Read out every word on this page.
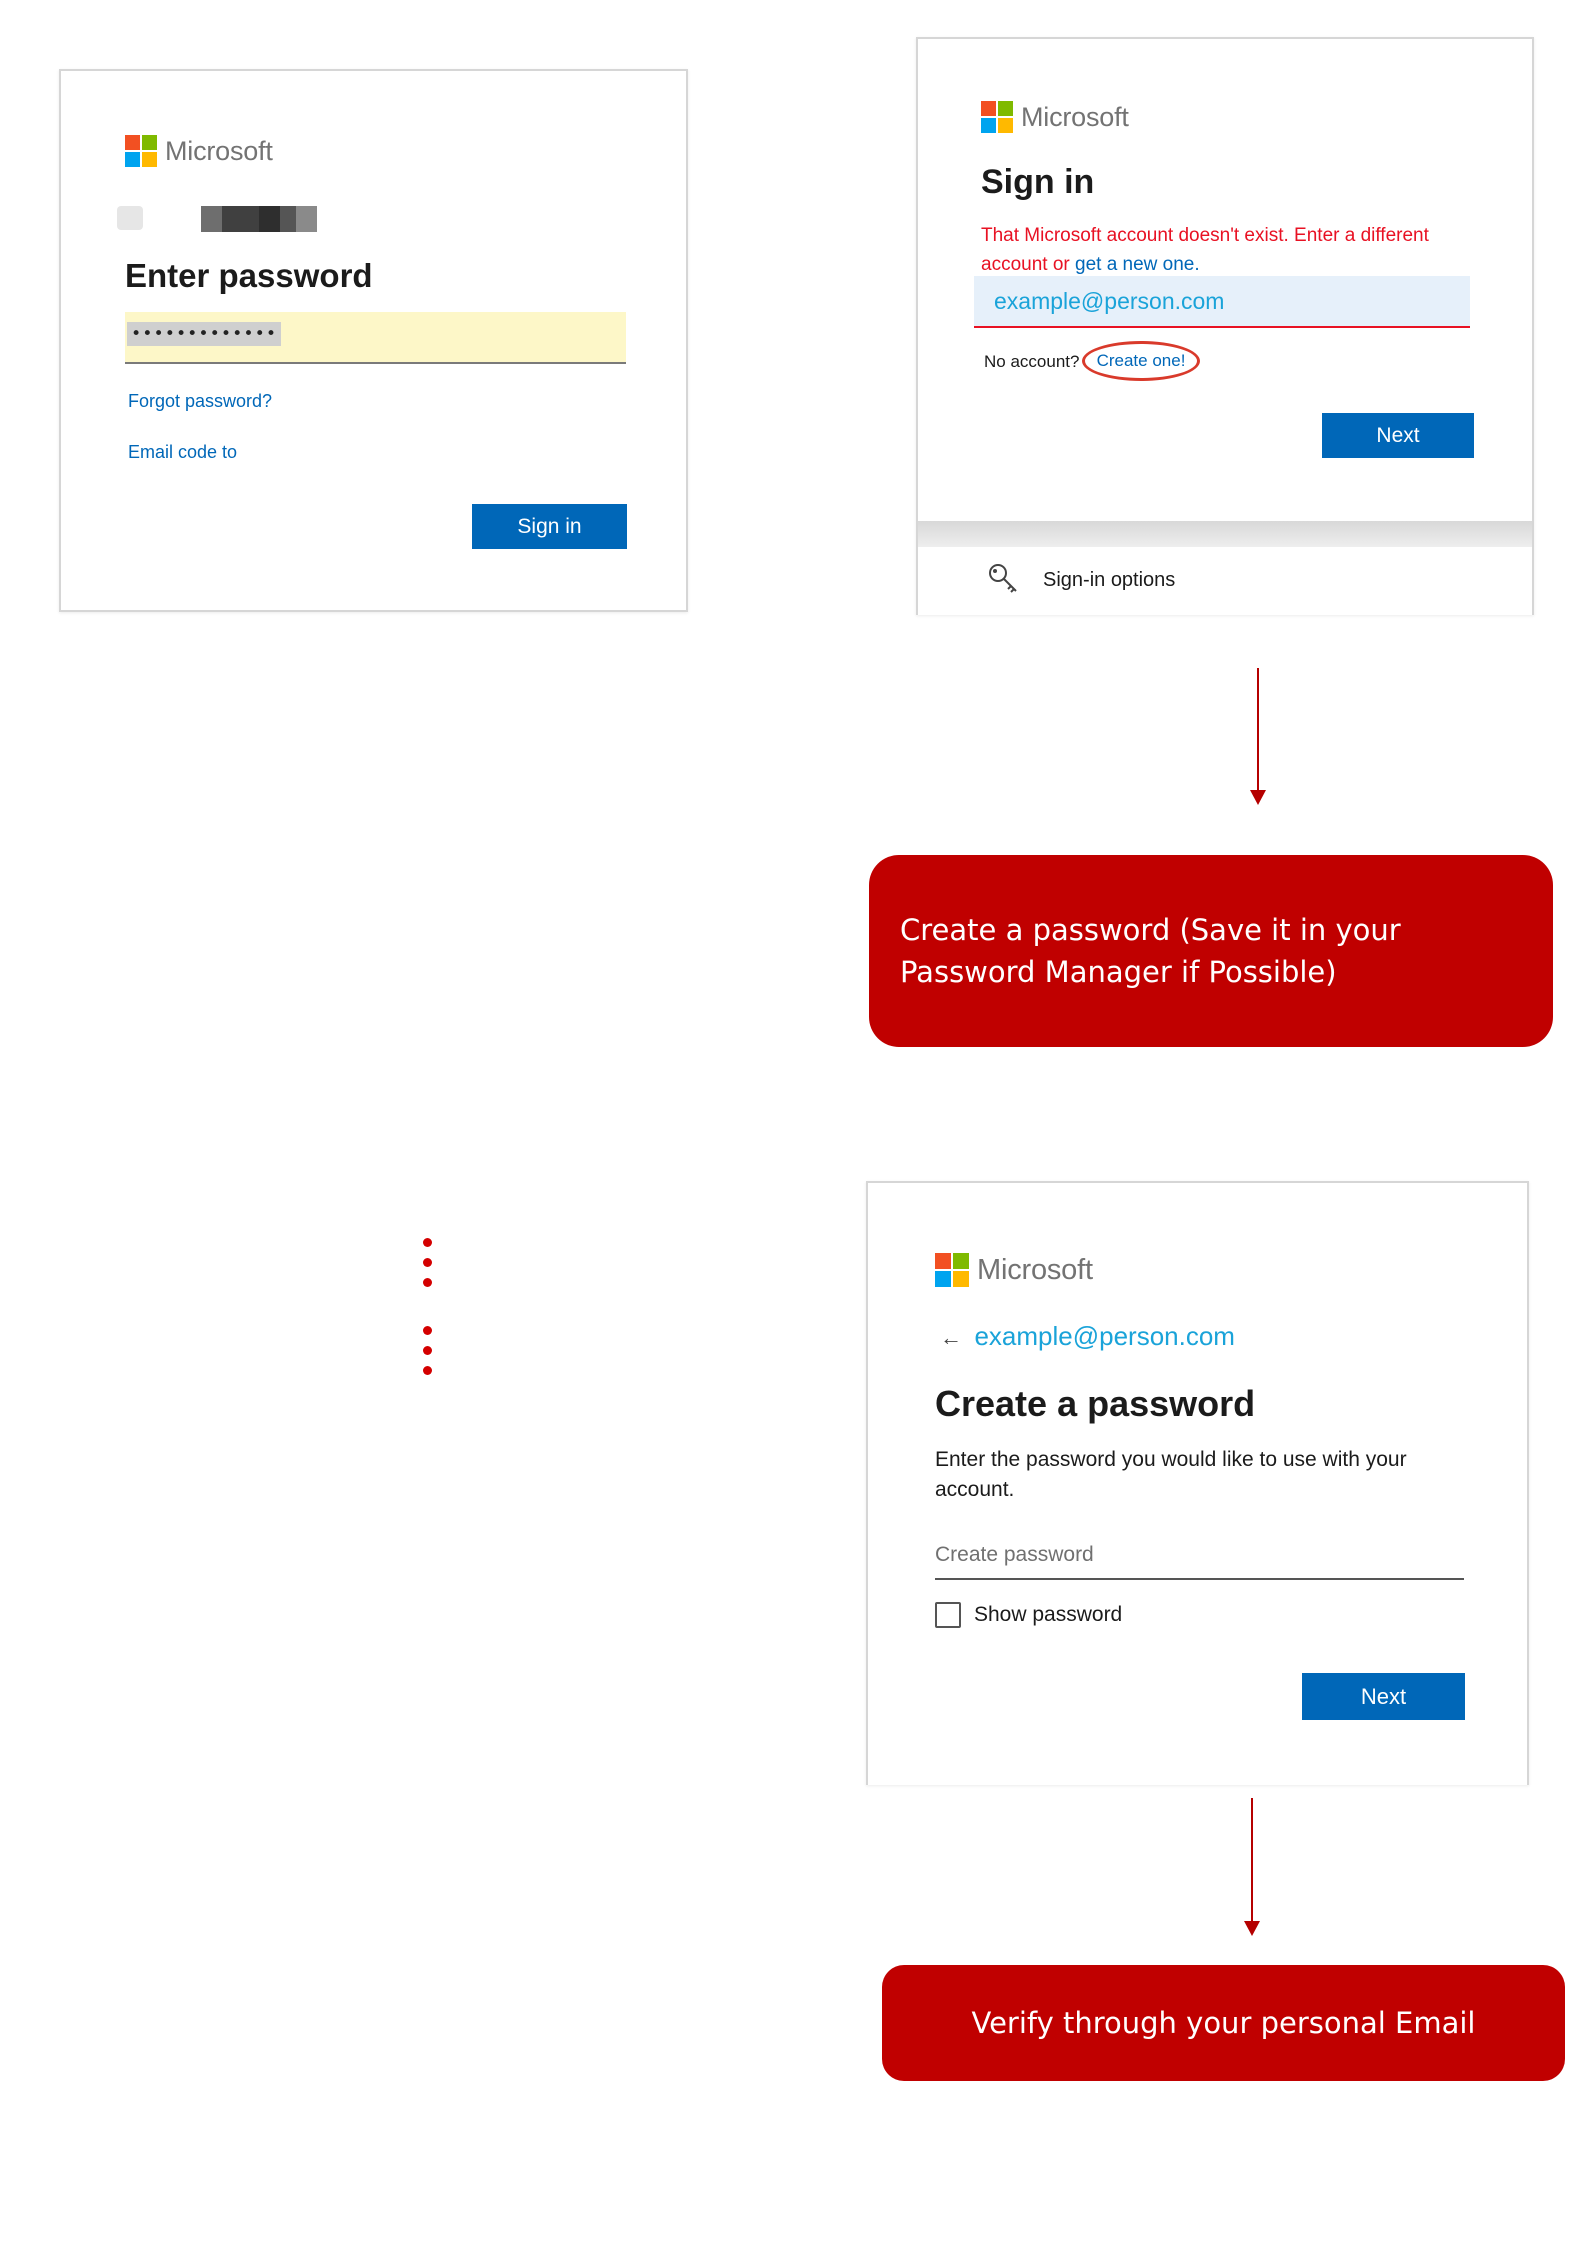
Microsoft
Enter password
•••••••••••••
Forgot password?
Email code to
Sign in
Microsoft
Sign in
That Microsoft account doesn't exist. Enter a different account or get a new one.
example@person.com
No account? Create one!
Next
Sign-in options
Create a password (Save it in your Password Manager if Possible)
Microsoft
← example@person.com
Create a password

Enter the password you would like to use with your account.

Create password
Show password
Next
Verify through your personal Email
